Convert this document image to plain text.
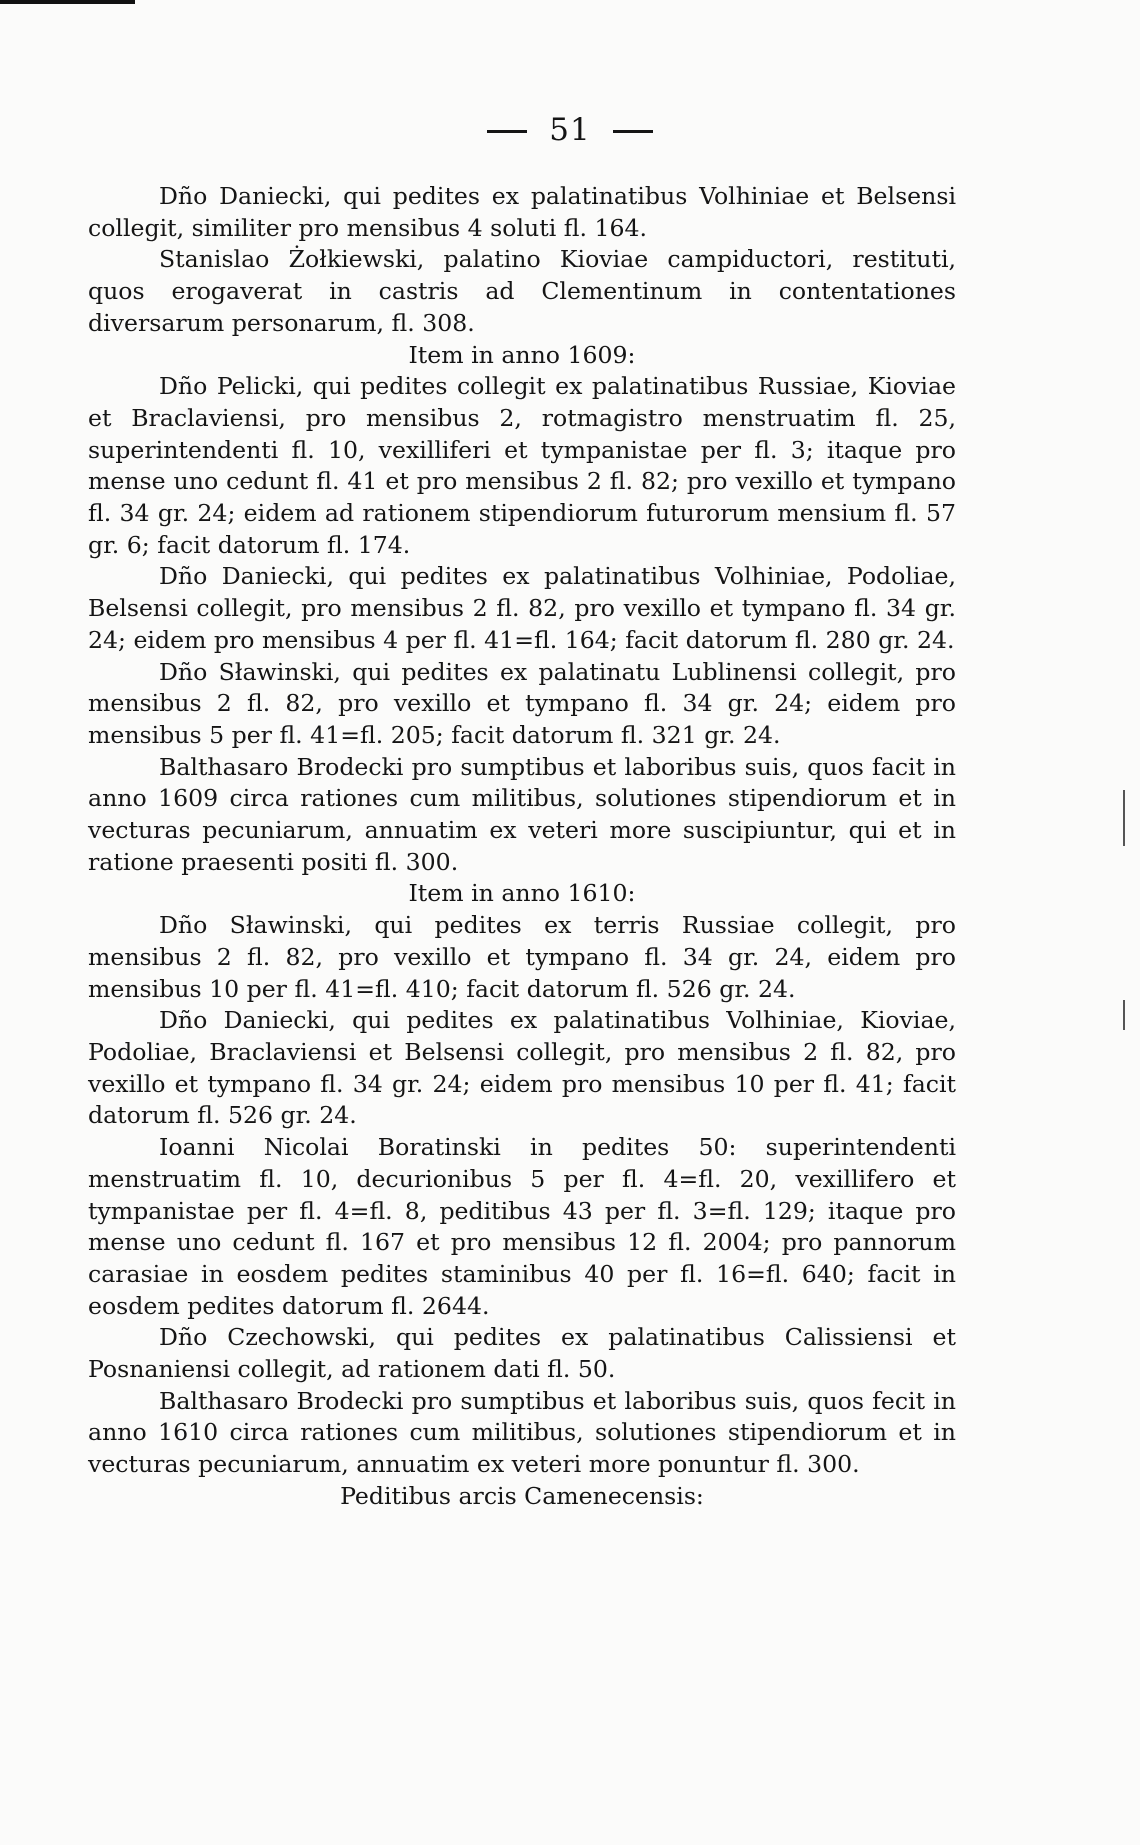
51

Dño Daniecki, qui pedites ex palatinatibus Volhiniae et Belsensi collegit, similiter pro mensibus 4 soluti fl. 164.

Stanislao Żołkiewski, palatino Kioviae campiductori, restituti, quos erogaverat in castris ad Clementinum in contentationes diversarum personarum, fl. 308.

Item in anno 1609:

Dño Pelicki, qui pedites collegit ex palatinatibus Russiae, Kioviae et Braclaviensi, pro mensibus 2, rotmagistro menstruatim fl. 25, superintendenti fl. 10, vexilliferi et tympanistae per fl. 3; itaque pro mense uno cedunt fl. 41 et pro mensibus 2 fl. 82; pro vexillo et tympano fl. 34 gr. 24; eidem ad rationem stipendiorum futurorum mensium fl. 57 gr. 6; facit datorum fl. 174.

Dño Daniecki, qui pedites ex palatinatibus Volhiniae, Podoliae, Belsensi collegit, pro mensibus 2 fl. 82, pro vexillo et tympano fl. 34 gr. 24; eidem pro mensibus 4 per fl. 41=fl. 164; facit datorum fl. 280 gr. 24.

Dño Sławinski, qui pedites ex palatinatu Lublinensi collegit, pro mensibus 2 fl. 82, pro vexillo et tympano fl. 34 gr. 24; eidem pro mensibus 5 per fl. 41=fl. 205; facit datorum fl. 321 gr. 24.

Balthasaro Brodecki pro sumptibus et laboribus suis, quos facit in anno 1609 circa rationes cum militibus, solutiones stipendiorum et in vecturas pecuniarum, annuatim ex veteri more suscipiuntur, qui et in ratione praesenti positi fl. 300.

Item in anno 1610:

Dño Sławinski, qui pedites ex terris Russiae collegit, pro mensibus 2 fl. 82, pro vexillo et tympano fl. 34 gr. 24, eidem pro mensibus 10 per fl. 41=fl. 410; facit datorum fl. 526 gr. 24.

Dño Daniecki, qui pedites ex palatinatibus Volhiniae, Kioviae, Podoliae, Braclaviensi et Belsensi collegit, pro mensibus 2 fl. 82, pro vexillo et tympano fl. 34 gr. 24; eidem pro mensibus 10 per fl. 41; facit datorum fl. 526 gr. 24.

Ioanni Nicolai Boratinski in pedites 50: superintendenti menstruatim fl. 10, decurionibus 5 per fl. 4=fl. 20, vexillifero et tympanistae per fl. 4=fl. 8, peditibus 43 per fl. 3=fl. 129; itaque pro mense uno cedunt fl. 167 et pro mensibus 12 fl. 2004; pro pannorum carasiae in eosdem pedites staminibus 40 per fl. 16=fl. 640; facit in eosdem pedites datorum fl. 2644.

Dño Czechowski, qui pedites ex palatinatibus Calissiensi et Posnaniensi collegit, ad rationem dati fl. 50.

Balthasaro Brodecki pro sumptibus et laboribus suis, quos fecit in anno 1610 circa rationes cum militibus, solutiones stipendiorum et in vecturas pecuniarum, annuatim ex veteri more ponuntur fl. 300.

Peditibus arcis Camenecensis:
